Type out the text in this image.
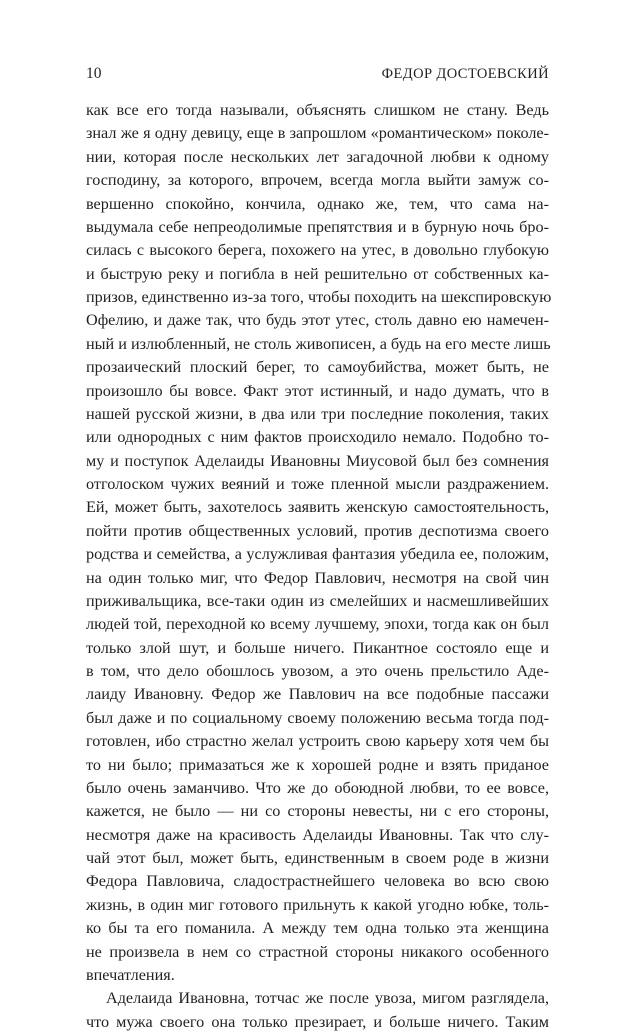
10	ФЕДОР ДОСТОЕВСКИЙ
как все его тогда называли, объяснять слишком не стану. Ведь
знал же я одну девицу, еще в запрошлом «романтическом» поколе-
нии, которая после нескольких лет загадочной любви к одному
господину, за которого, впрочем, всегда могла выйти замуж со-
вершенно спокойно, кончила, однако же, тем, что сама на-
выдумала себе непреодолимые препятствия и в бурную ночь бро-
силась с высокого берега, похожего на утес, в довольно глубокую
и быструю реку и погибла в ней решительно от собственных ка-
призов, единственно из-за того, чтобы походить на шекспировскую
Офелию, и даже так, что будь этот утес, столь давно ею намечен-
ный и излюбленный, не столь живописен, а будь на его месте лишь
прозаический плоский берег, то самоубийства, может быть, не
произошло бы вовсе. Факт этот истинный, и надо думать, что в
нашей русской жизни, в два или три последние поколения, таких
или однородных с ним фактов происходило немало. Подобно то-
му и поступок Аделаиды Ивановны Миусовой был без сомнения
отголоском чужих веяний и тоже пленной мысли раздражением.
Ей, может быть, захотелось заявить женскую самостоятельность,
пойти против общественных условий, против деспотизма своего
родства и семейства, а услужливая фантазия убедила ее, положим,
на один только миг, что Федор Павлович, несмотря на свой чин
приживальщика, все-таки один из смелейших и насмешливейших
людей той, переходной ко всему лучшему, эпохи, тогда как он был
только злой шут, и больше ничего. Пикантное состояло еще и
в том, что дело обошлось увозом, а это очень прельстило Аде-
лаиду Ивановну. Федор же Павлович на все подобные пассажи
был даже и по социальному своему положению весьма тогда под-
готовлен, ибо страстно желал устроить свою карьеру хотя чем бы
то ни было; примазаться же к хорошей родне и взять приданое
было очень заманчиво. Что же до обоюдной любви, то ее вовсе,
кажется, не было — ни со стороны невесты, ни с его стороны,
несмотря даже на красивость Аделаиды Ивановны. Так что слу-
чай этот был, может быть, единственным в своем роде в жизни
Федора Павловича, сладострастнейшего человека во всю свою
жизнь, в один миг готового прильнуть к какой угодно юбке, толь-
ко бы та его поманила. А между тем одна только эта женщина
не произвела в нем со страстной стороны никакого особенного
впечатления.
Аделаида Ивановна, тотчас же после увоза, мигом разглядела,
что мужа своего она только презирает, и больше ничего. Таким
